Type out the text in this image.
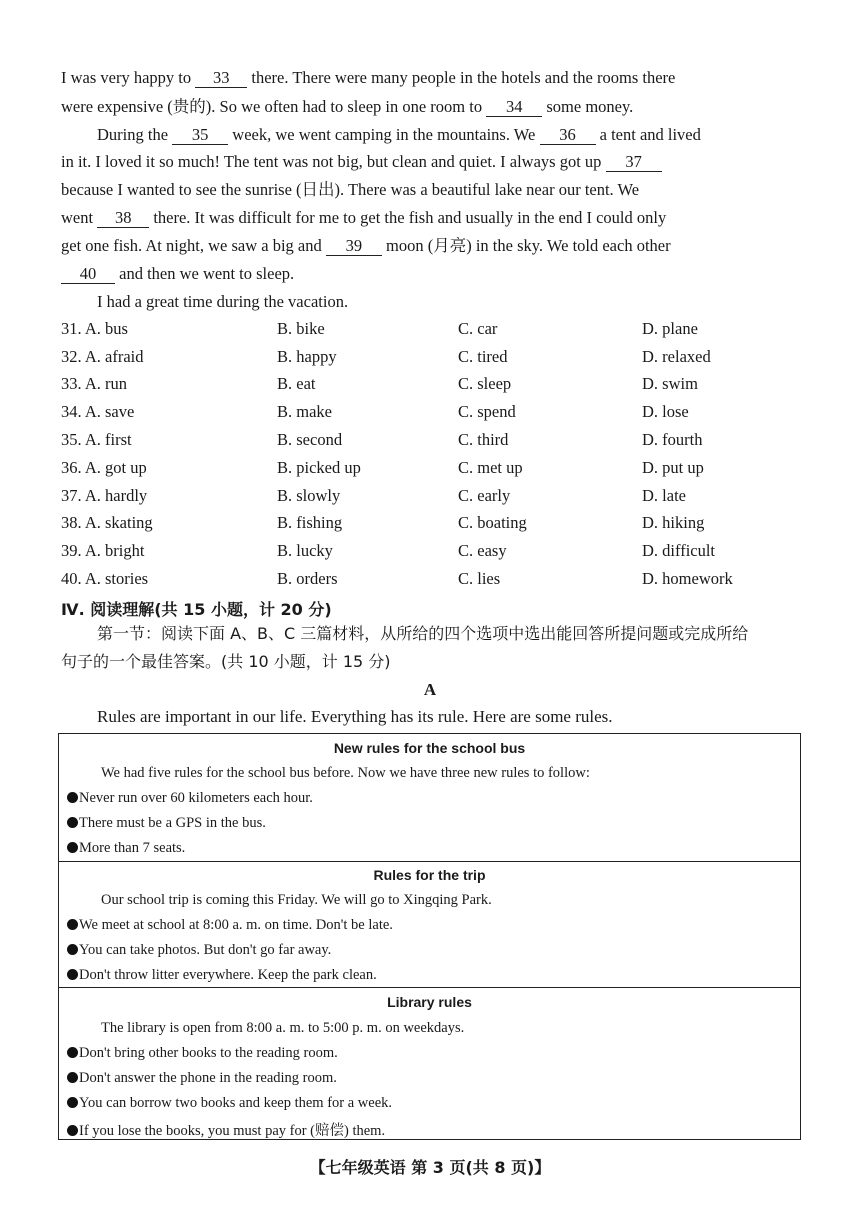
I was very happy to 33 there. There were many people in the hotels and the rooms there
were expensive (贵的). So we often had to sleep in one room to 34 some money.
During the 35 week, we went camping in the mountains. We 36 a tent and lived
in it. I loved it so much! The tent was not big, but clean and quiet. I always got up 37
because I wanted to see the sunrise (日出). There was a beautiful lake near our tent. We
went 38 there. It was difficult for me to get the fish and usually in the end I could only
get one fish. At night, we saw a big and 39 moon (月亮) in the sky. We told each other
40 and then we went to sleep.
I had a great time during the vacation.
31. A. bus	B. bike	C. car	D. plane
32. A. afraid	B. happy	C. tired	D. relaxed
33. A. run	B. eat	C. sleep	D. swim
34. A. save	B. make	C. spend	D. lose
35. A. first	B. second	C. third	D. fourth
36. A. got up	B. picked up	C. met up	D. put up
37. A. hardly	B. slowly	C. early	D. late
38. A. skating	B. fishing	C. boating	D. hiking
39. A. bright	B. lucky	C. easy	D. difficult
40. A. stories	B. orders	C. lies	D. homework
Ⅳ. 阅读理解(共 15 小题，计 20 分)
第一节：阅读下面 A、B、C 三篇材料，从所给的四个选项中选出能回答所提问题或完成所给
句子的一个最佳答案。(共 10 小题，计 15 分)
A
Rules are important in our life. Everything has its rule. Here are some rules.
New rules for the school bus
We had five rules for the school bus before. Now we have three new rules to follow:
Never run over 60 kilometers each hour.
There must be a GPS in the bus.
More than 7 seats.
Rules for the trip
Our school trip is coming this Friday. We will go to Xingqing Park.
We meet at school at 8:00 a. m. on time. Don't be late.
You can take photos. But don't go far away.
Don't throw litter everywhere. Keep the park clean.
Library rules
The library is open from 8:00 a. m. to 5:00 p. m. on weekdays.
Don't bring other books to the reading room.
Don't answer the phone in the reading room.
You can borrow two books and keep them for a week.
If you lose the books, you must pay for (赔偿) them.
【七年级英语 第 3 页(共 8 页)】
